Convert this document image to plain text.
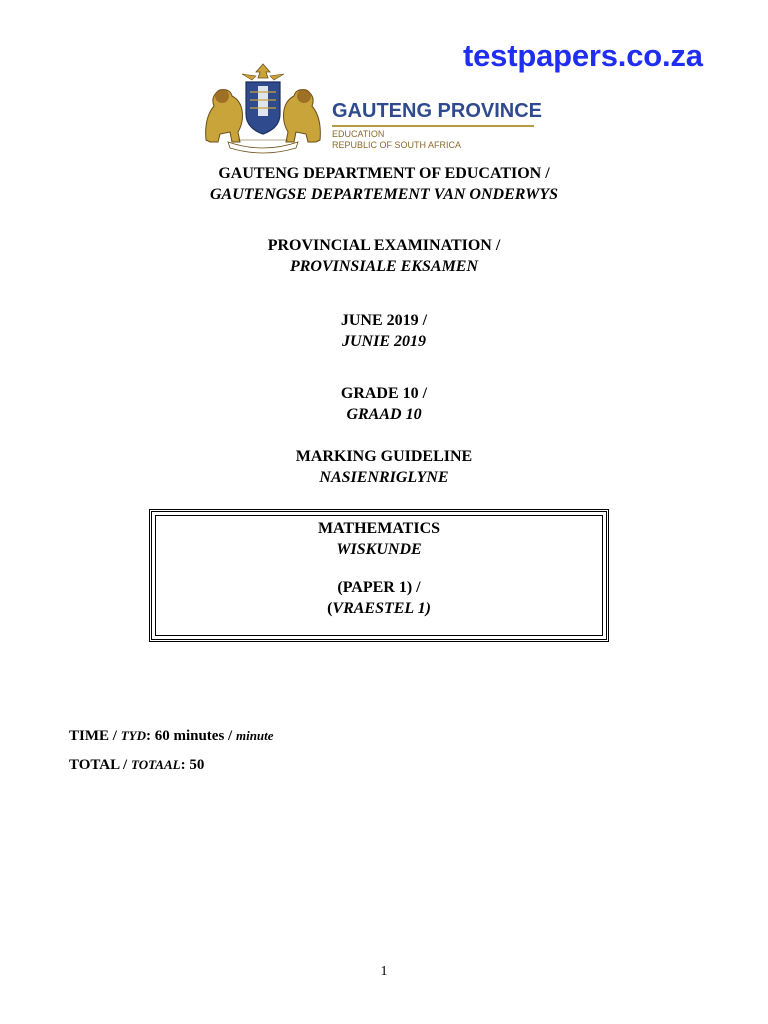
testpapers.co.za
GAUTENG PROVINCE
EDUCATION
REPUBLIC OF SOUTH AFRICA
GAUTENG DEPARTMENT OF EDUCATION /
GAUTENGSE DEPARTEMENT VAN ONDERWYS
PROVINCIAL EXAMINATION /
PROVINSIALE EKSAMEN
JUNE 2019 /
JUNIE 2019
GRADE 10 /
GRAAD 10
MARKING GUIDELINE
NASIENRIGLYNE
MATHEMATICS
WISKUNDE
(PAPER 1) /
(VRAESTEL 1)
TIME / TYD: 60 minutes / minute
TOTAL / TOTAAL: 50
1
